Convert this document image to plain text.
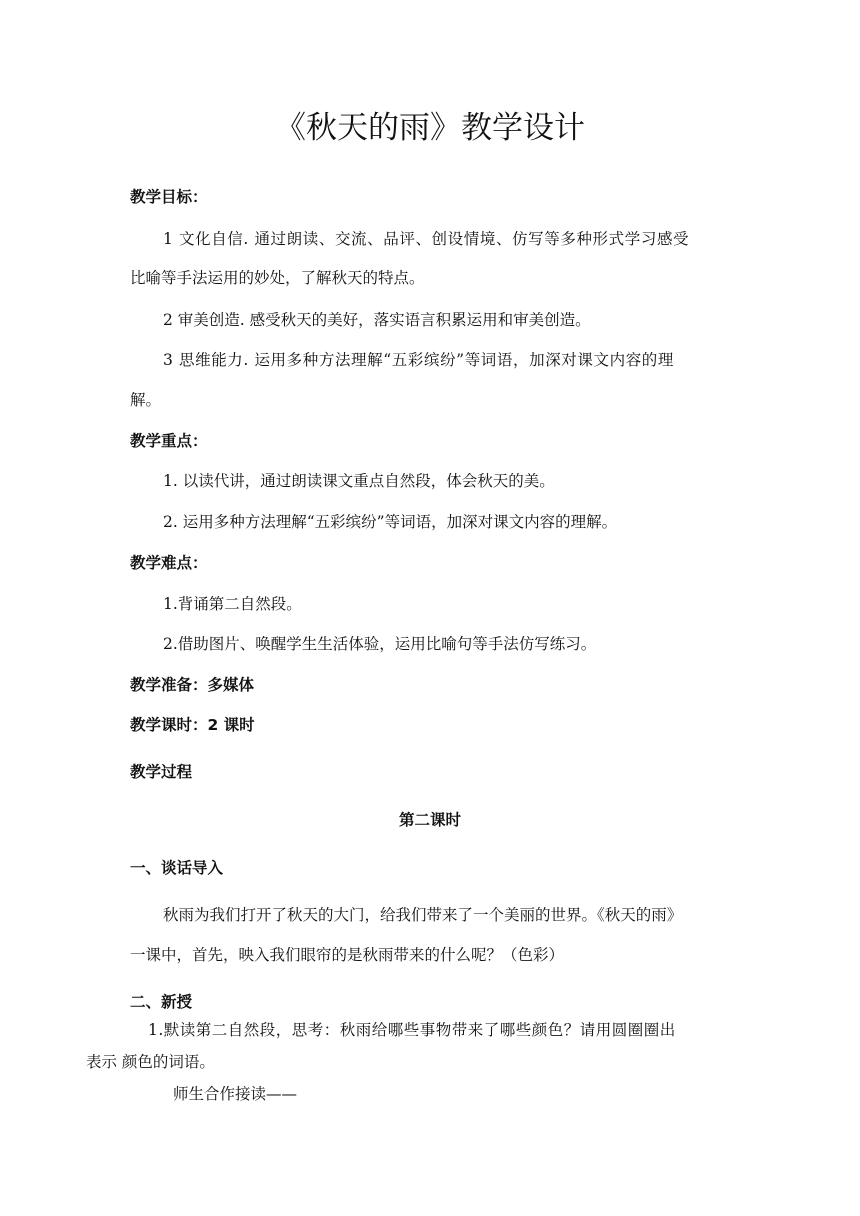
《秋天的雨》教学设计
教学目标：
1 文化自信. 通过朗读、交流、品评、创设情境、仿写等多种形式学习感受
比喻等手法运用的妙处，了解秋天的特点。
2 审美创造. 感受秋天的美好，落实语言积累运用和审美创造。
3 思维能力. 运用多种方法理解“五彩缤纷”等词语，加深对课文内容的理
解。
教学重点：
1. 以读代讲，通过朗读课文重点自然段，体会秋天的美。
2. 运用多种方法理解“五彩缤纷”等词语，加深对课文内容的理解。
教学难点：
1.背诵第二自然段。
2.借助图片、唤醒学生生活体验，运用比喻句等手法仿写练习。
教学准备：多媒体
教学课时：2 课时
教学过程
第二课时
一、谈话导入
秋雨为我们打开了秋天的大门，给我们带来了一个美丽的世界。《秋天的雨》
一课中，首先，映入我们眼帘的是秋雨带来的什么呢？（色彩）
二、新授
1.默读第二自然段，思考：秋雨给哪些事物带来了哪些颜色？请用圆圈圈出
表示 颜色的词语。
师生合作接读——
